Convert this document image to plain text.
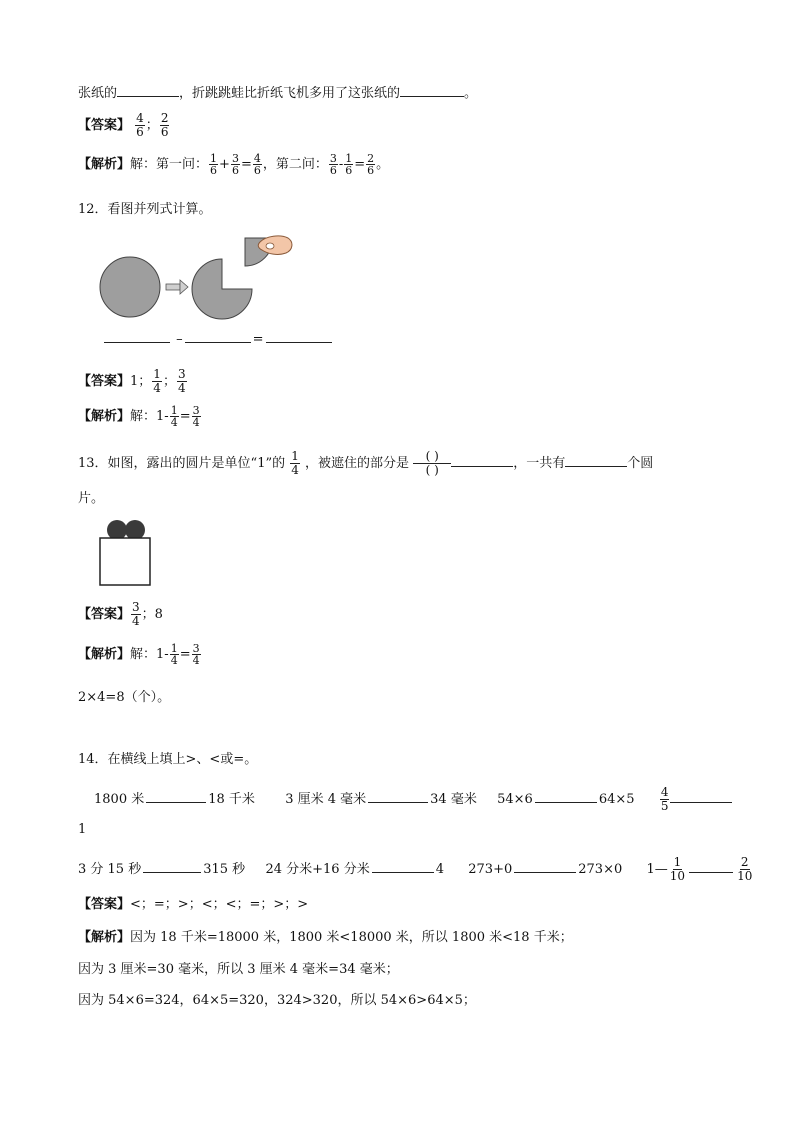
张纸的	，折跳跳蛙比折纸飞机多用了这张纸的	。
【答案】 $\frac{4}{6}$ ； $\frac{2}{6}$
【解析】解：第一问： $\frac{1}{6} + \frac{3}{6} = \frac{4}{6}$ ，第二问： $\frac{3}{6} - \frac{1}{6} = \frac{2}{6}$ 。
12．看图并列式计算。
–	=
【答案】1； $\frac{1}{4}$ ； $\frac{3}{4}$
【解析】解：$1- \frac{1}{4} = \frac{3}{4}$
13．如图，露出的圆片是单位“1”的 $\frac{1}{4}$ ，被遮住的部分是 $\frac{( )}{( )}$	，一共有	个圆
片。
【答案】 $\frac{3}{4}$ ；8
【解析】解：$1- \frac{1}{4} = \frac{3}{4}$
2×4=8（个）。
14．在横线上填上>、<或=。
1800 米	18 千米 3 厘米 4 毫米	34 毫米 54×6	$64\times 5 \frac{4}{5}$
1
3 分 15 秒	315 秒 24 分米+16 分米	4 273+0	273×0 1— $\frac{1}{10}$	$\frac{2}{10}$
【答案】<；=；>；<；<；=；>；>
【解析】因为 18 千米=18000 米，1800 米<18000 米，所以 1800 米<18 千米；
因为 3 厘米=30 毫米，所以 3 厘米 4 毫米=34 毫米；
因为 54×6=324，64×5=320，324>320，所以 54×6>64×5；
